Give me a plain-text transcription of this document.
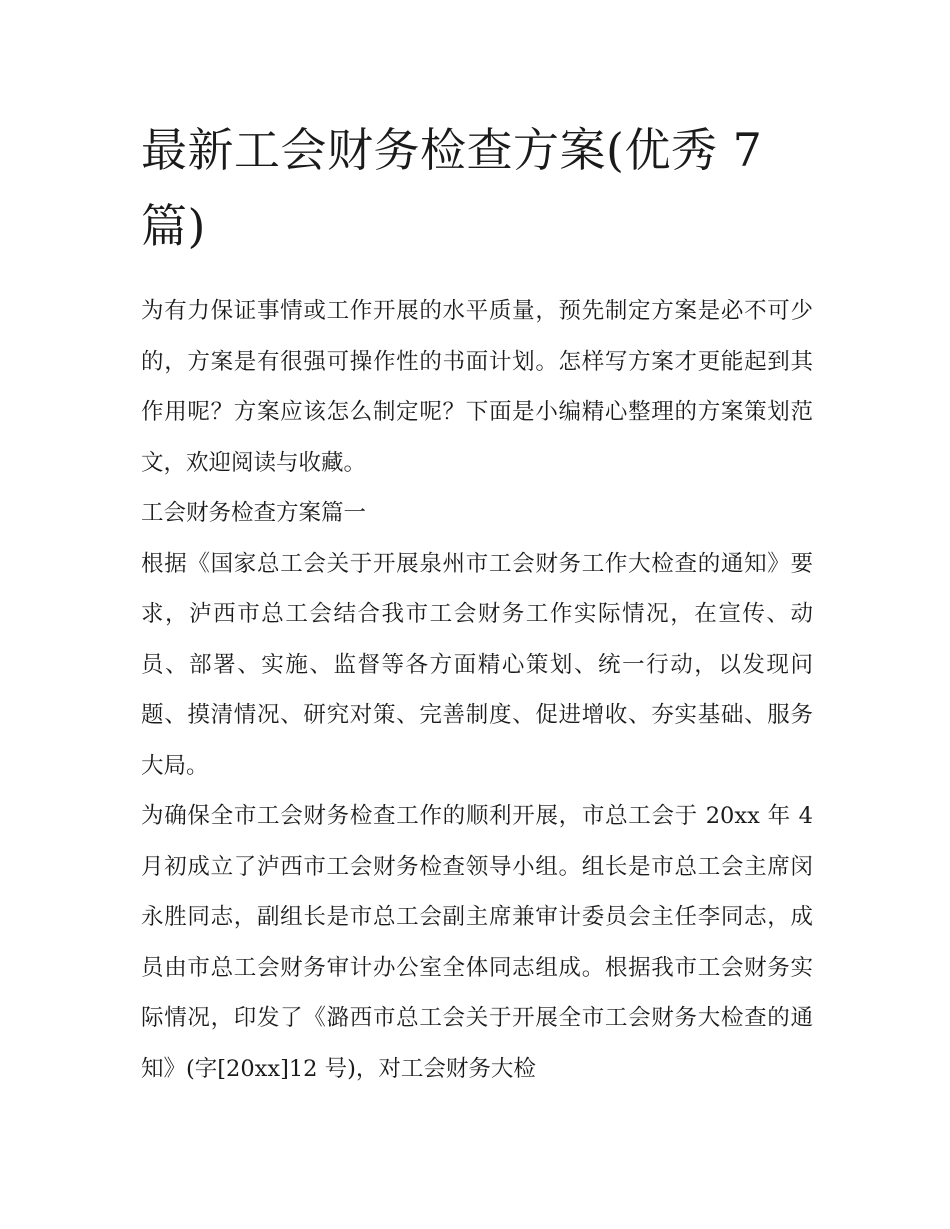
最新工会财务检查方案(优秀 7 篇)

为有力保证事情或工作开展的水平质量，预先制定方案是必不可少的，方案是有很强可操作性的书面计划。怎样写方案才更能起到其作用呢？方案应该怎么制定呢？下面是小编精心整理的方案策划范文，欢迎阅读与收藏。

工会财务检查方案篇一

根据《国家总工会关于开展泉州市工会财务工作大检查的通知》要求，泸西市总工会结合我市工会财务工作实际情况，在宣传、动员、部署、实施、监督等各方面精心策划、统一行动，以发现问题、摸清情况、研究对策、完善制度、促进增收、夯实基础、服务大局。

为确保全市工会财务检查工作的顺利开展，市总工会于 20xx 年 4 月初成立了泸西市工会财务检查领导小组。组长是市总工会主席闵永胜同志，副组长是市总工会副主席兼审计委员会主任李同志，成员由市总工会财务审计办公室全体同志组成。根据我市工会财务实际情况，印发了《潞西市总工会关于开展全市工会财务大检查的通知》(字[20xx]12 号)，对工会财务大检
